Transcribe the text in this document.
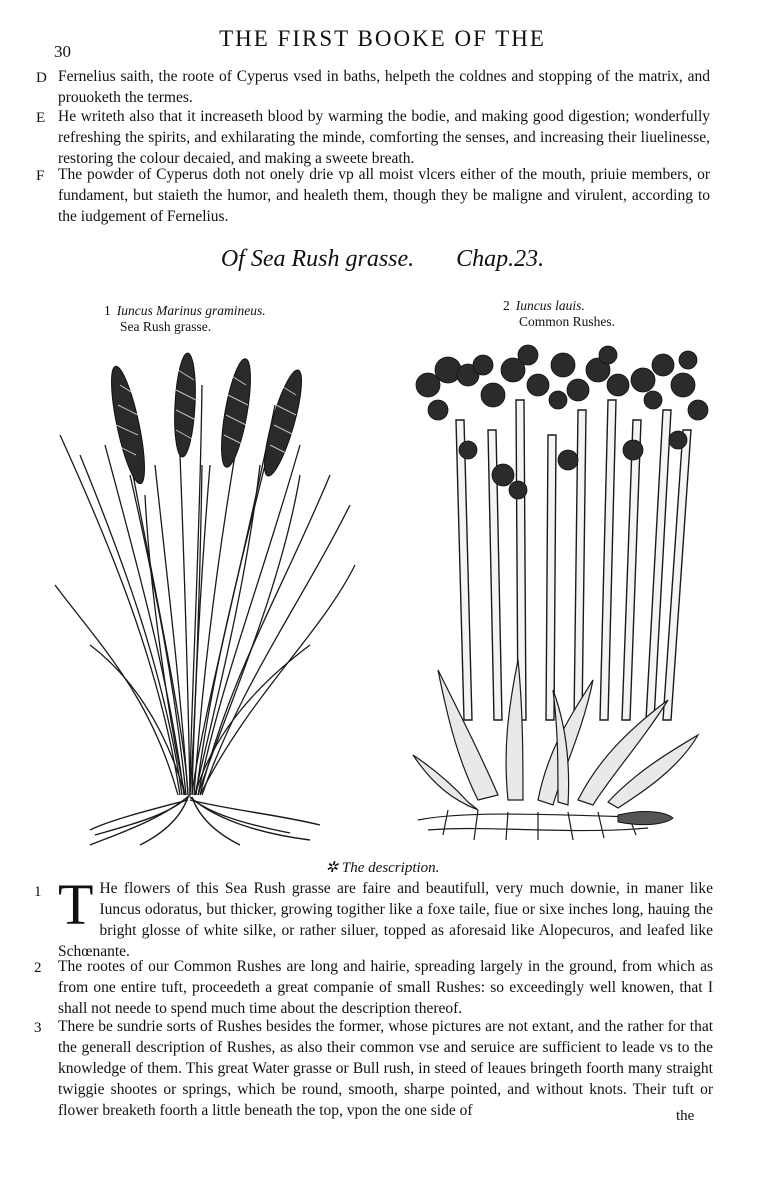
30
THE FIRST BOOKE OF THE
D Fernelius saith, the roote of Cyperus vsed in baths, helpeth the coldnes and stopping of the matrix, and prouoketh the termes.
E He writeth also that it increaseth blood by warming the bodie, and making good digestion; wonderfully refreshing the spirits, and exhilarating the minde, comforting the senses, and increasing their liuelinesse, restoring the colour decaied, and making a sweete breath.
F The powder of Cyperus doth not onely drie vp all moist vlcers either of the mouth, priuie members, or fundament, but staieth the humor, and healeth them, though they be maligne and virulent, according to the iudgement of Fernelius.
Of Sea Rush grasse. Chap.23.
1 Iuncus Marinus gramineus.
Sea Rush grasse.
2 Iuncus lauis.
Common Rushes.
✲ The description.
1 T He flowers of this Sea Rush grasse are faire and beautifull, very much downie, in maner like Iuncus odoratus, but thicker, growing togither like a foxe taile, fiue or sixe inches long, hauing the bright glosse of white silke, or rather siluer, topped as aforesaid like Alopecuros, and leafed like Schœnante.
2 The rootes of our Common Rushes are long and hairie, spreading largely in the ground, from which as from one entire tuft, proceedeth a great companie of small Rushes: so exceedingly well knowen, that I shall not neede to spend much time about the description thereof.
3 There be sundrie sorts of Rushes besides the former, whose pictures are not extant, and the rather for that the generall description of Rushes, as also their common vse and seruice are sufficient to leade vs to the knowledge of them. This great Water grasse or Bull rush, in steed of leaues bringeth foorth many straight twiggie shootes or springs, which be round, smooth, sharpe pointed, and without knots. Their tuft or flower breaketh foorth a little beneath the top, vpon the one side of	the
